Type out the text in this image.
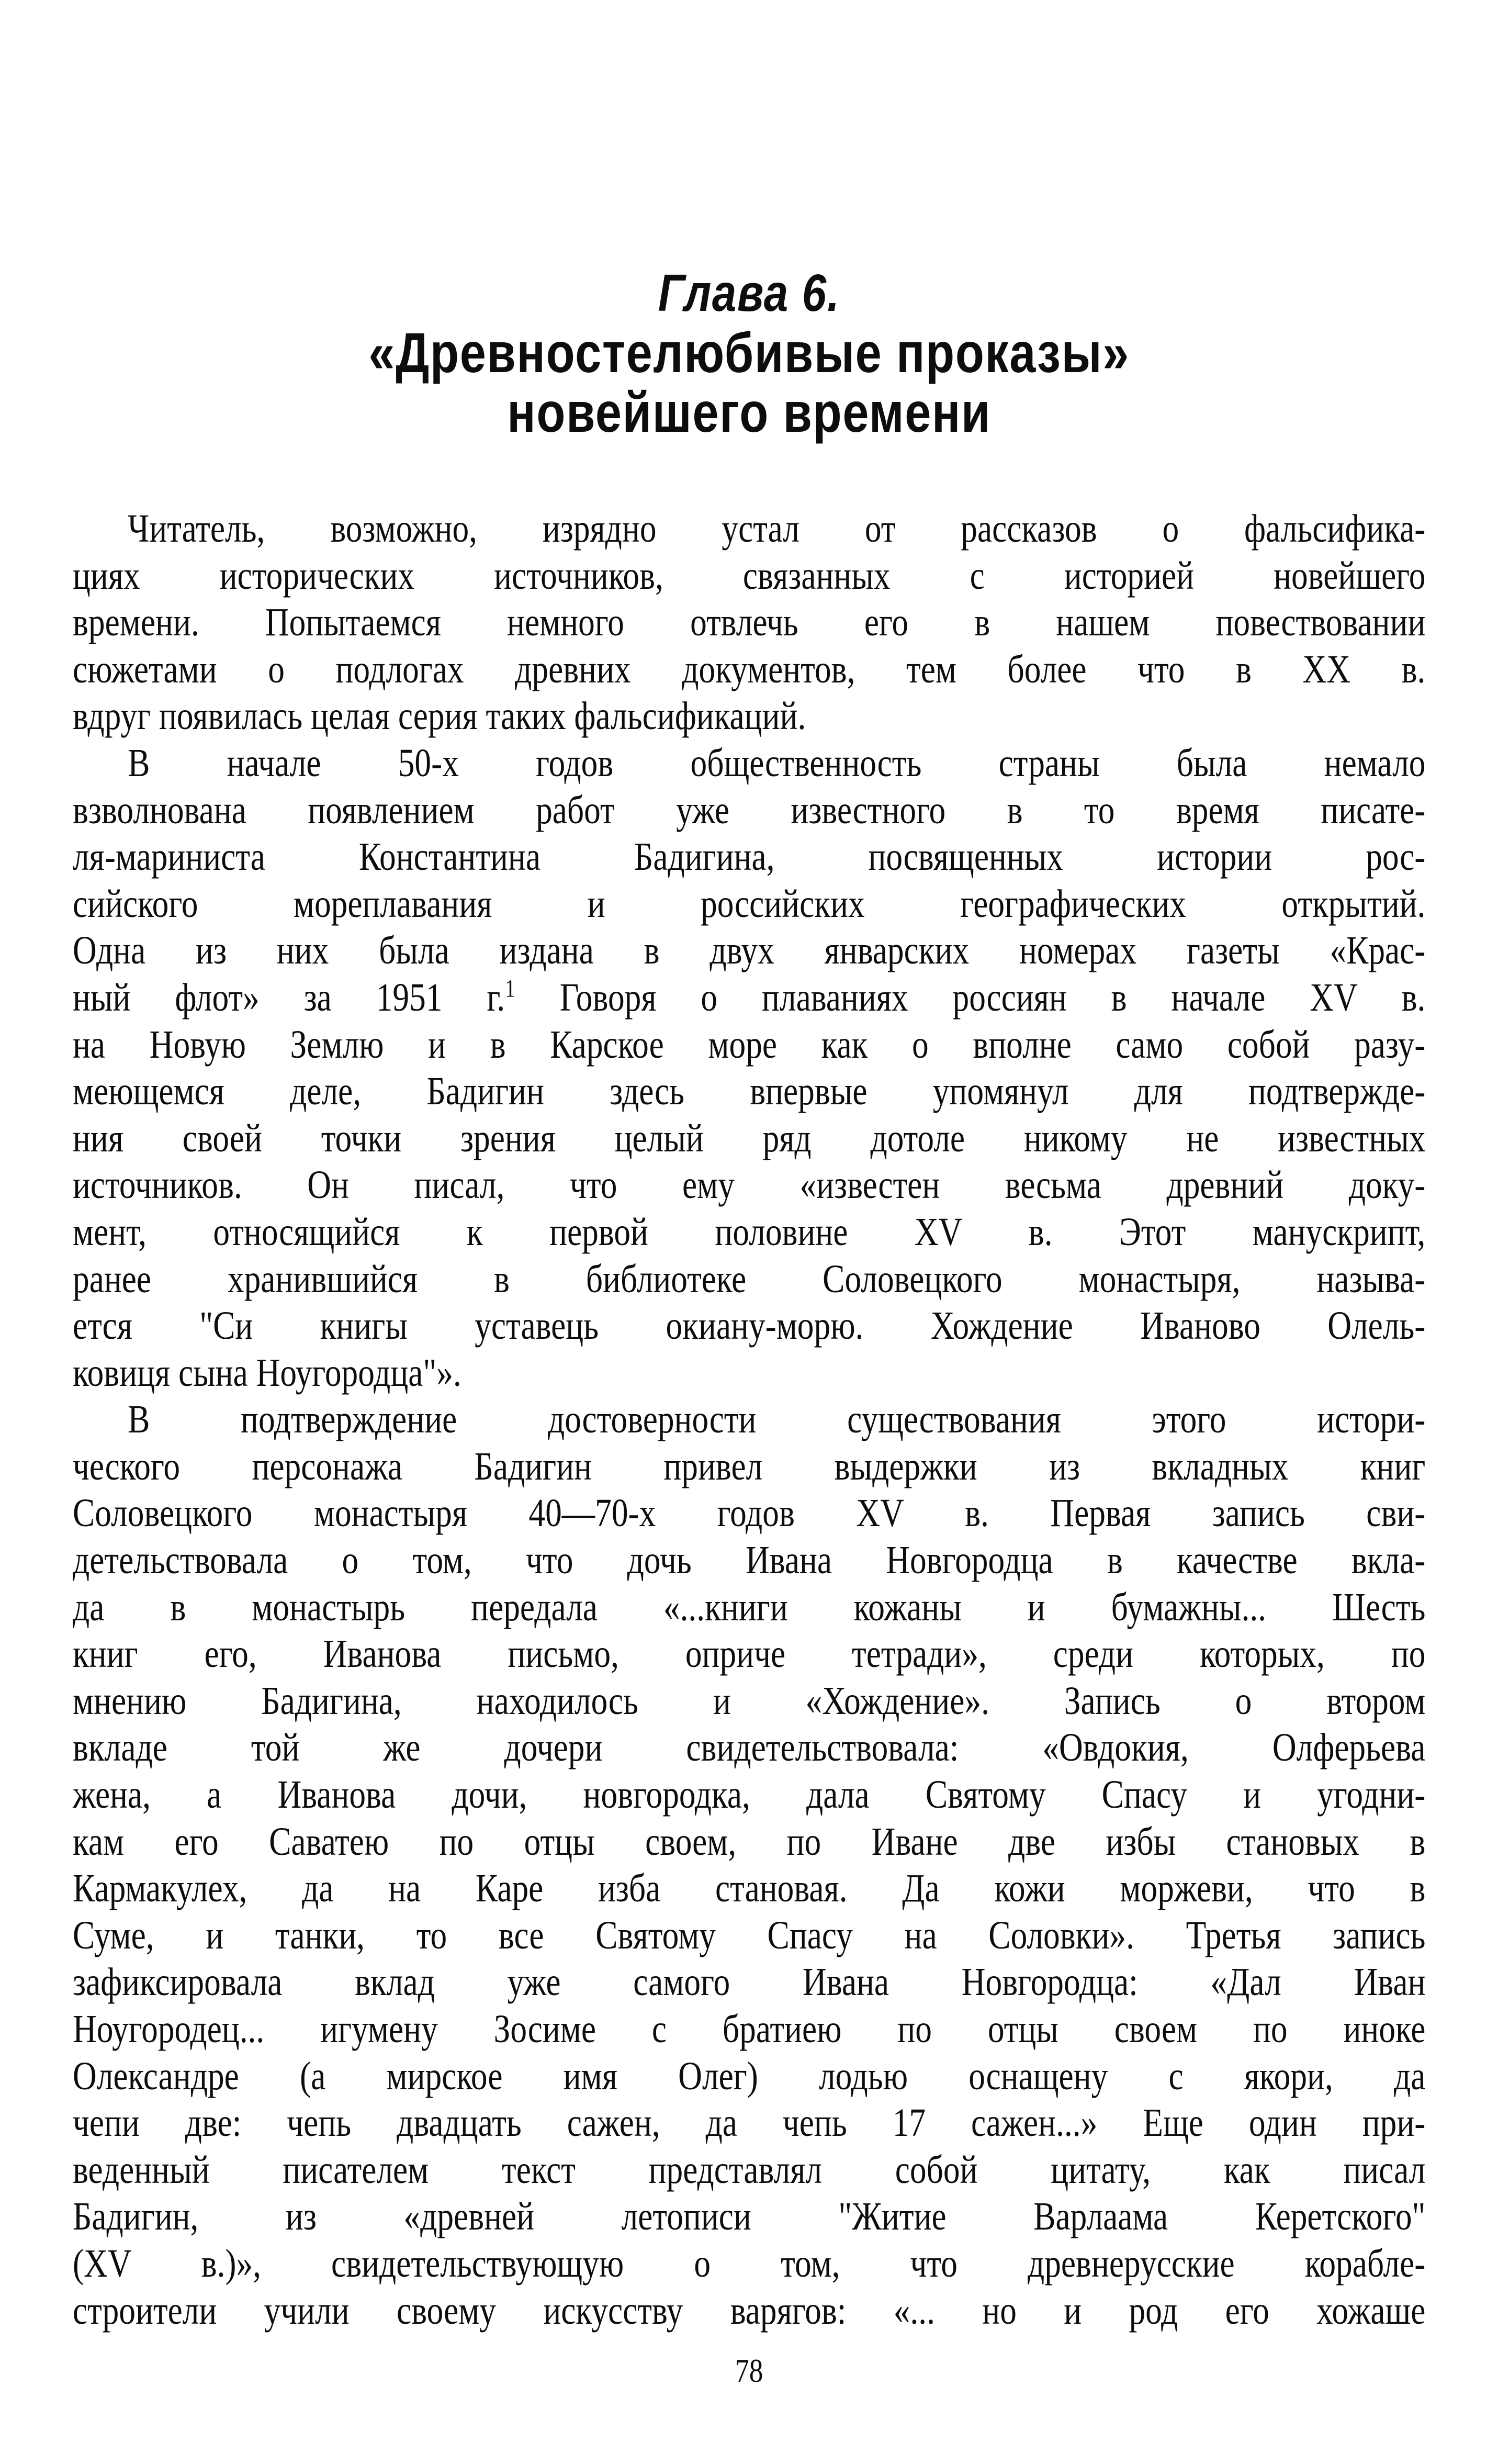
Глава 6.
«Древностелюбивые проказы»
новейшего времени
Читатель, возможно, изрядно устал от рассказов о фальсифика-
циях исторических источников, связанных с историей новейшего
времени. Попытаемся немного отвлечь его в нашем повествовании
сюжетами о подлогах древних документов, тем более что в XX в.
вдруг появилась целая серия таких фальсификаций.
В начале 50-х годов общественность страны была немало
взволнована появлением работ уже известного в то время писате-
ля-мариниста Константина Бадигина, посвященных истории рос-
сийского мореплавания и российских географических открытий.
Одна из них была издана в двух январских номерах газеты «Крас-
ный флот» за 1951 г.$^1$ Говоря о плаваниях россиян в начале XV в.
на Новую Землю и в Карское море как о вполне само собой разу-
меющемся деле, Бадигин здесь впервые упомянул для подтвержде-
ния своей точки зрения целый ряд дотоле никому не известных
источников. Он писал, что ему «известен весьма древний доку-
мент, относящийся к первой половине XV в. Этот манускрипт,
ранее хранившийся в библиотеке Соловецкого монастыря, называ-
ется "Си книгы уставець окиану-морю. Хождение Иваново Олель-
ковиця сына Ноугородца"».
В подтверждение достоверности существования этого истори-
ческого персонажа Бадигин привел выдержки из вкладных книг
Соловецкого монастыря 40—70-х годов XV в. Первая запись сви-
детельствовала о том, что дочь Ивана Новгородца в качестве вкла-
да в монастырь передала «...книги кожаны и бумажны... Шесть
книг его, Иванова письмо, оприче тетради», среди которых, по
мнению Бадигина, находилось и «Хождение». Запись о втором
вкладе той же дочери свидетельствовала: «Овдокия, Олферьева
жена, а Иванова дочи, новгородка, дала Святому Спасу и угодни-
кам его Саватею по отцы своем, по Иване две избы становых в
Кармакулех, да на Каре изба становая. Да кожи моржеви, что в
Суме, и танки, то все Святому Спасу на Соловки». Третья запись
зафиксировала вклад уже самого Ивана Новгородца: «Дал Иван
Ноугородец... игумену Зосиме с братиею по отцы своем по иноке
Олександре (а мирское имя Олег) лодью оснащену с якори, да
чепи две: чепь двадцать сажен, да чепь 17 сажен...» Еще один при-
веденный писателем текст представлял собой цитату, как писал
Бадигин, из «древней летописи "Житие Варлаама Керетского"
(XV в.)», свидетельствующую о том, что древнерусские корабле-
строители учили своему искусству варягов: «... но и род его хожаше
78
